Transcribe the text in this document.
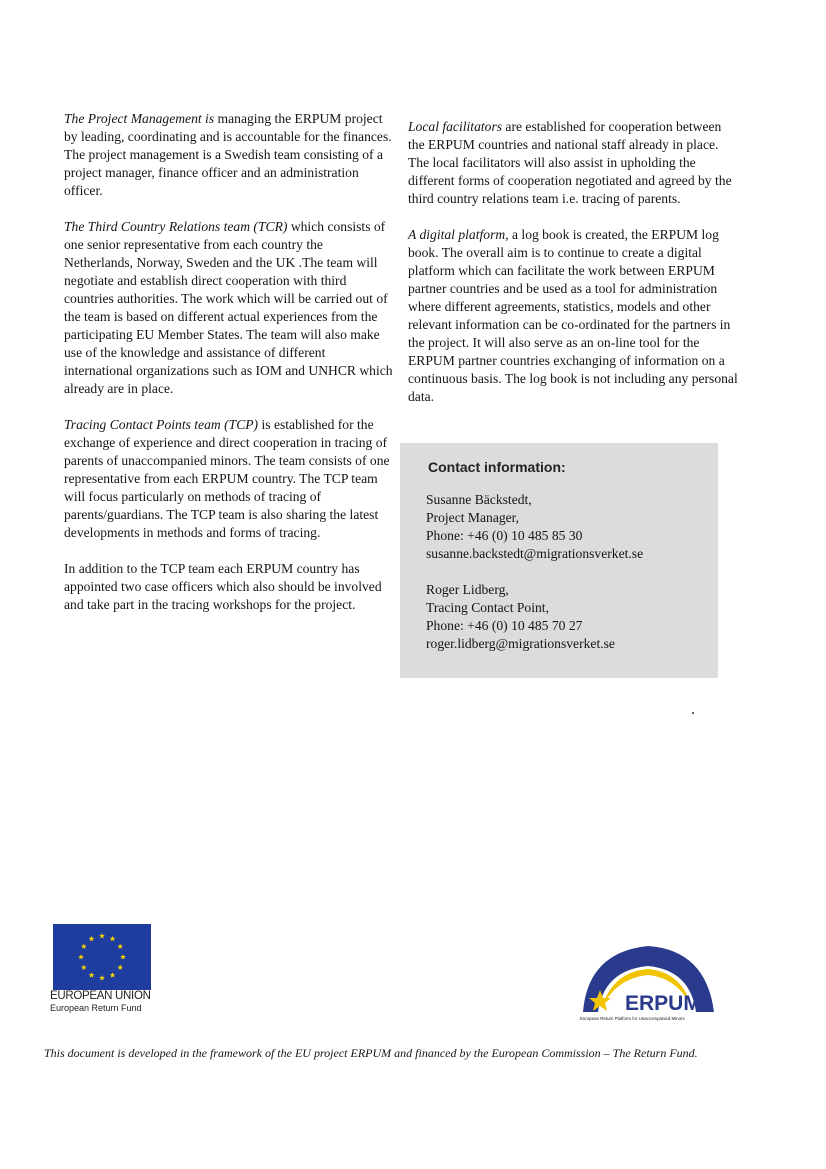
The Project Management is managing the ERPUM project by leading, coordinating and is accountable for the finances. The project management is a Swedish team consisting of a project manager, finance officer and an administration officer.

The Third Country Relations team (TCR) which consists of one senior representative from each country the Netherlands, Norway, Sweden and the UK .The team will negotiate and establish direct cooperation with third countries authorities. The work which will be carried out of the team is based on different actual experiences from the participating EU Member States. The team will also make use of the knowledge and assistance of different international organizations such as IOM and UNHCR which already are in place.

Tracing Contact Points team (TCP) is established for the exchange of experience and direct cooperation in tracing of parents of unaccompanied minors. The team consists of one representative from each ERPUM country. The TCP team will focus particularly on methods of tracing of parents/guardians. The TCP team is also sharing the latest developments in methods and forms of tracing.

In addition to the TCP team each ERPUM country has appointed two case officers which also should be involved and take part in the tracing workshops for the project.

Local facilitators are established for cooperation between the ERPUM countries and national staff already in place. The local facilitators will also assist in upholding the different forms of cooperation negotiated and agreed by the third country relations team i.e. tracing of parents.

A digital platform, a log book is created, the ERPUM log book. The overall aim is to continue to create a digital platform which can facilitate the work between ERPUM partner countries and be used as a tool for administration where different agreements, statistics, models and other relevant information can be co-ordinated for the partners in the project. It will also serve as an on-line tool for the ERPUM partner countries exchanging of information on a continuous basis. The log book is not including any personal data.

Contact information:
Susanne Bäckstedt,
Project Manager,
Phone: +46 (0) 10 485 85 30
susanne.backstedt@migrationsverket.se
Roger Lidberg,
Tracing Contact Point,
Phone: +46 (0) 10 485 70 27
roger.lidberg@migrationsverket.se
EUROPEAN UNION
European Return Fund	ERPUM
European Return Platform for Unaccompanied Minors
This document is developed in the framework of the EU project ERPUM and financed by the European Commission – The Return Fund.
